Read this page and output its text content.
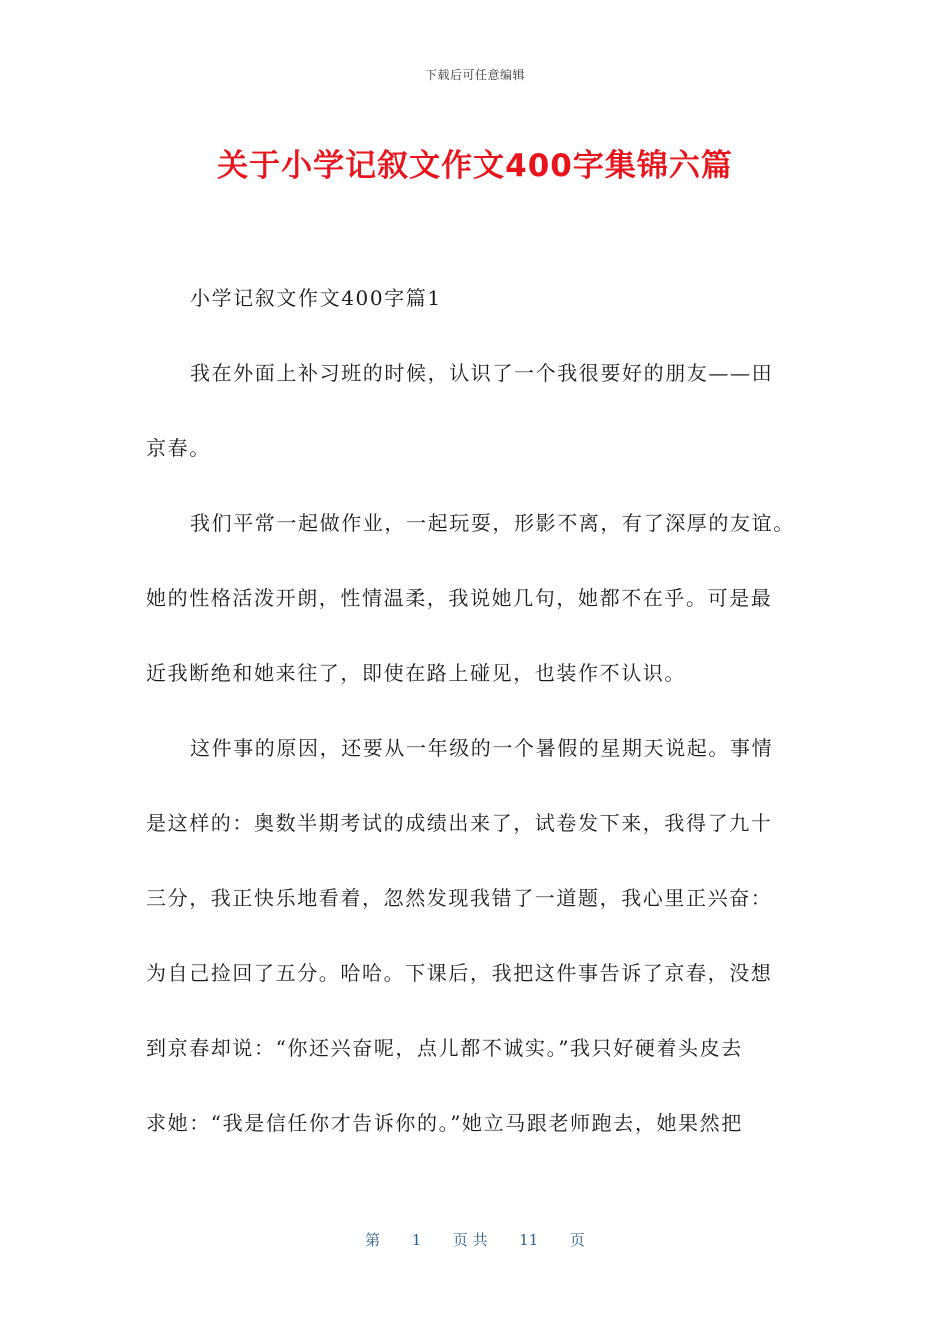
下载后可任意编辑
关于小学记叙文作文400字集锦六篇
小学记叙文作文400字篇1
我在外面上补习班的时候，认识了一个我很要好的朋友——田
京春。
我们平常一起做作业，一起玩耍，形影不离，有了深厚的友谊。
她的性格活泼开朗，性情温柔，我说她几句，她都不在乎。可是最
近我断绝和她来往了，即使在路上碰见，也装作不认识。
这件事的原因，还要从一年级的一个暑假的星期天说起。事情
是这样的：奥数半期考试的成绩出来了，试卷发下来，我得了九十
三分，我正快乐地看着，忽然发现我错了一道题，我心里正兴奋：
为自己捡回了五分。哈哈。下课后，我把这件事告诉了京春，没想
到京春却说：“你还兴奋呢，点儿都不诚实。”我只好硬着头皮去
求她：“我是信任你才告诉你的。”她立马跟老师跑去，她果然把
第 1 页 共 11 页
